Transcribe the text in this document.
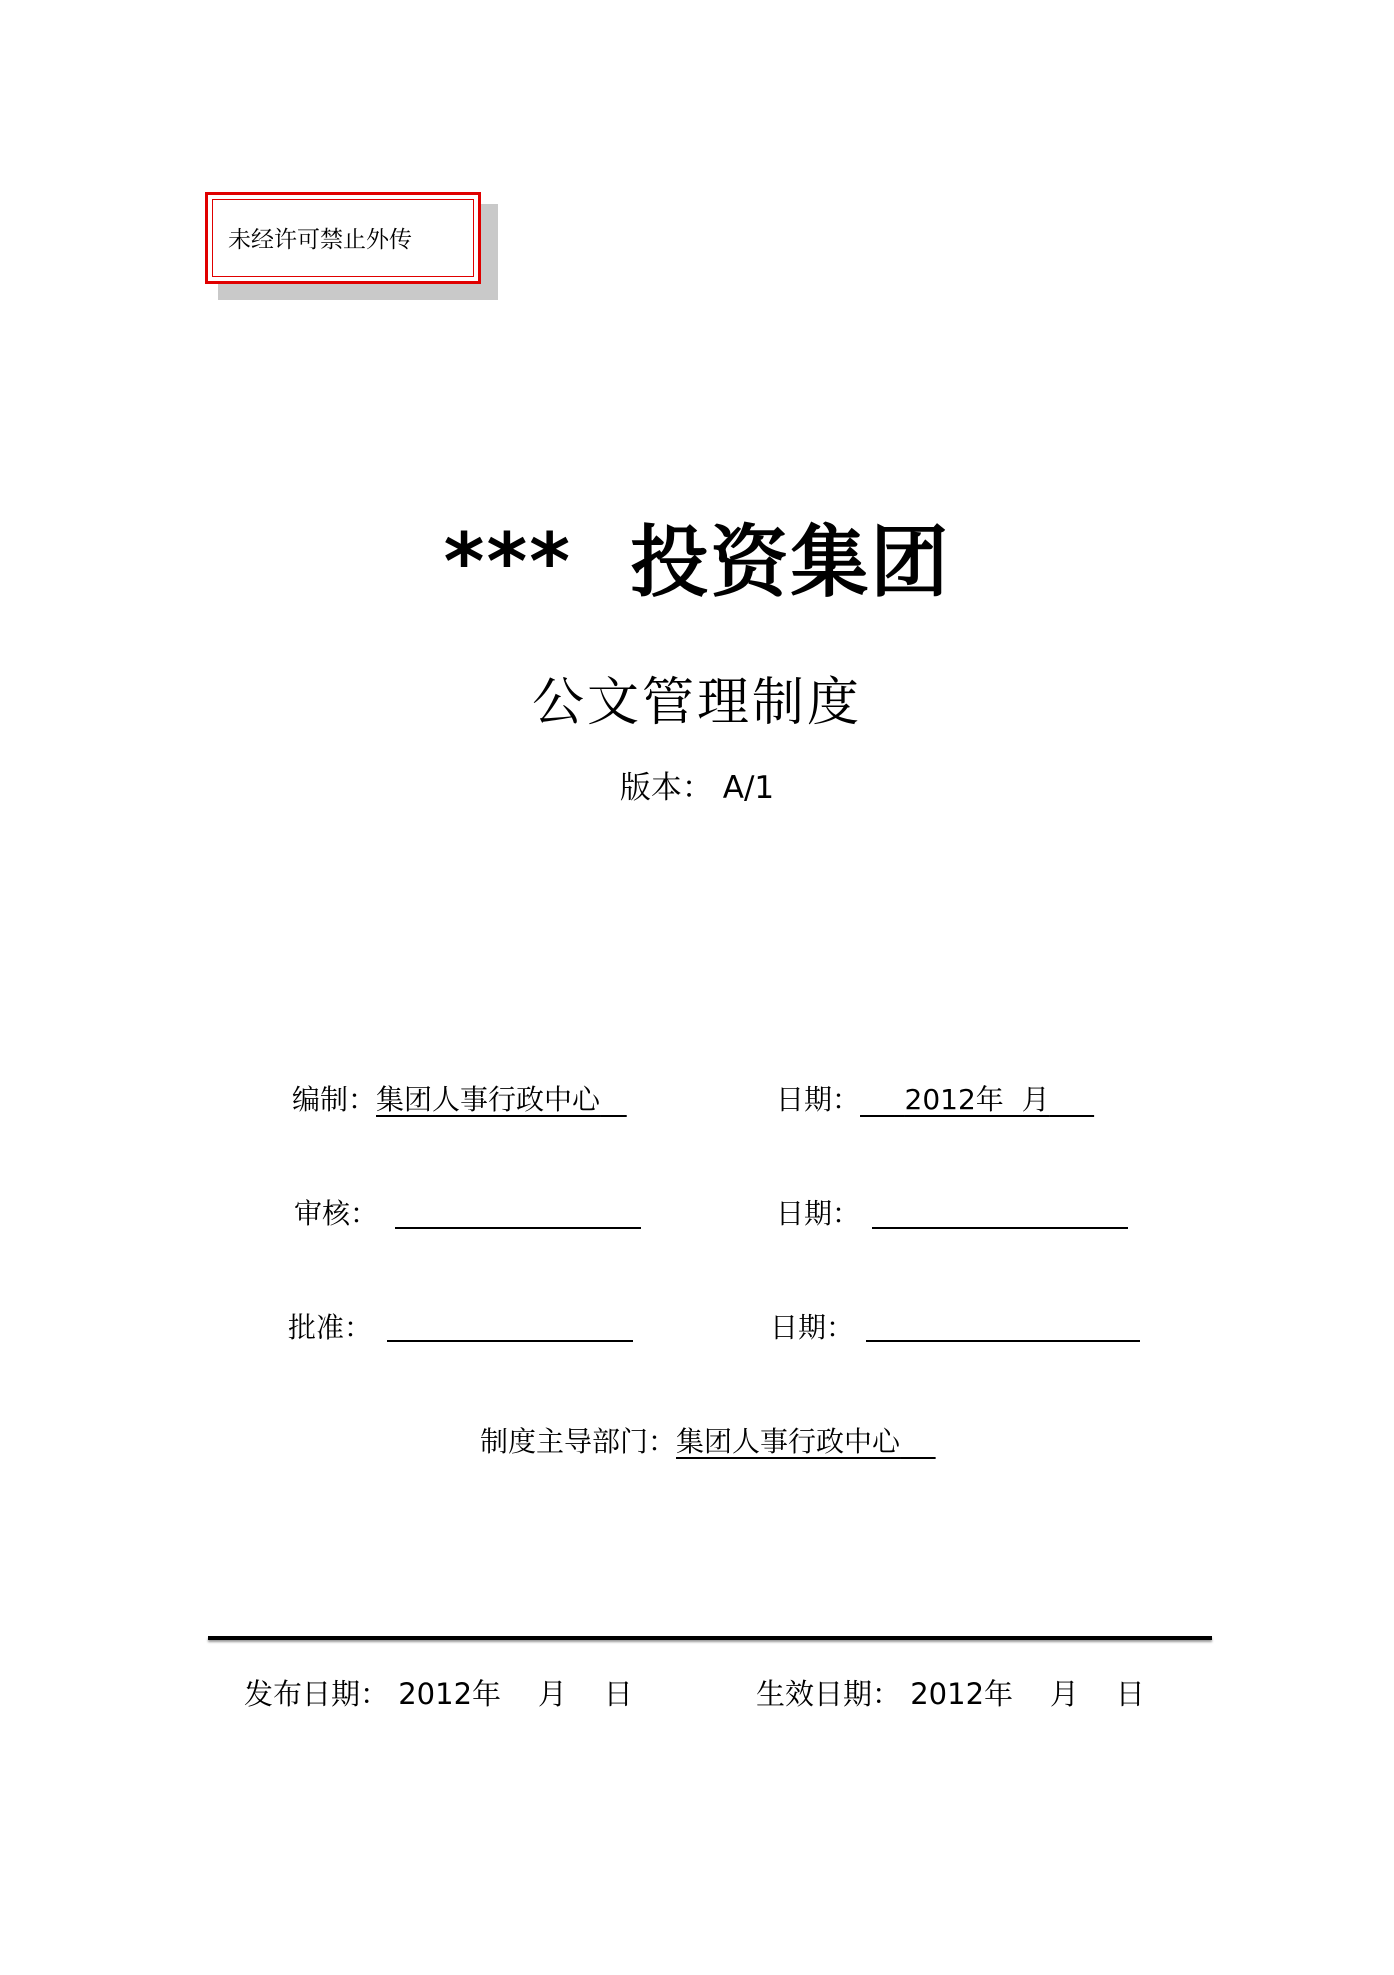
未经许可禁止外传
***  投资集团
公文管理制度
版本： A/1
编制：集团人事行政中心	日期： 2012年  月
审核：	日期：
批准：	日期：
制度主导部门：集团人事行政中心
发布日期： 2012年    月    日	生效日期： 2012年    月    日
